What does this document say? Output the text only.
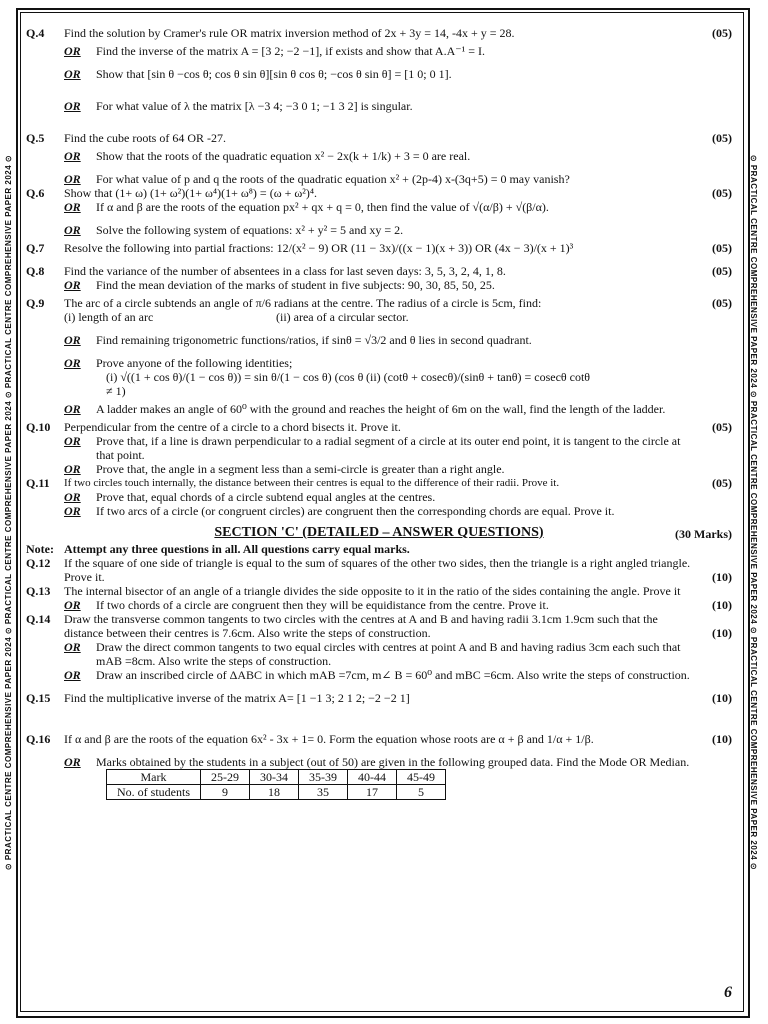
⊙ PRACTICAL CENTRE COMPREHENSIVE PAPER 2024 ⊙ PRACTICAL CENTRE COMPREHENSIVE PAPER 2024 ⊙ PRACTICAL CENTRE COMPREHENSIVE PAPER 2024 ⊙	⊙ PRACTICAL CENTRE COMPREHENSIVE PAPER 2024 ⊙ PRACTICAL CENTRE COMPREHENSIVE PAPER 2024 ⊙ PRACTICAL CENTRE COMPREHENSIVE PAPER 2024 ⊙
Q.4	Find the solution by Cramer's rule OR matrix inversion method of 2x + 3y = 14, -4x + y = 28.	(05)
OR	Find the inverse of the matrix A = [3 2; −2 −1], if exists and show that A.A⁻¹ = I.
OR	Show that [sin θ −cos θ; cos θ sin θ][sin θ cos θ; −cos θ sin θ] = [1 0; 0 1].
OR	For what value of λ the matrix [λ −3 4; −3 0 1; −1 3 2] is singular.
Q.5	Find the cube roots of 64 OR -27.	(05)
OR	Show that the roots of the quadratic equation x² − 2x(k + 1/k) + 3 = 0 are real.
OR	For what value of p and q the roots of the quadratic equation x² + (2p-4) x-(3q+5) = 0 may vanish?
Q.6	Show that (1+ ω) (1+ ω²)(1+ ω⁴)(1+ ω⁸) = (ω + ω²)⁴.	(05)
OR	If α and β are the roots of the equation px² + qx + q = 0, then find the value of √(α/β) + √(β/α).
OR	Solve the following system of equations: x² + y² = 5 and xy = 2.
Q.7	Resolve the following into partial fractions: 12/(x² − 9) OR (11 − 3x)/((x − 1)(x + 3)) OR (4x − 3)/(x + 1)³	(05)
Q.8	Find the variance of the number of absentees in a class for last seven days: 3, 5, 3, 2, 4, 1, 8.	(05)
OR	Find the mean deviation of the marks of student in five subjects: 90, 30, 85, 50, 25.
Q.9	The arc of a circle subtends an angle of π/6 radians at the centre. The radius of a circle is 5cm, find:	(05)
(i) length of an arc	(ii) area of a circular sector.
OR	Find remaining trigonometric functions/ratios, if sinθ = √3/2 and θ lies in second quadrant.
OR	Prove anyone of the following identities;
(i) √((1 + cos θ)/(1 − cos θ)) = sin θ/(1 − cos θ) (cos θ ≠ 1)
(ii) (cotθ + cosecθ)/(sinθ + tanθ) = cosecθ cotθ
OR	A ladder makes an angle of 60⁰ with the ground and reaches the height of 6m on the wall, find the length of the ladder.
Q.10	Perpendicular from the centre of a circle to a chord bisects it. Prove it.	(05)
OR	Prove that, if a line is drawn perpendicular to a radial segment of a circle at its outer end point, it is tangent to the circle at that point.
OR	Prove that, the angle in a segment less than a semi-circle is greater than a right angle.
Q.11	If two circles touch internally, the distance between their centres is equal to the difference of their radii. Prove it.	(05)
OR	Prove that, equal chords of a circle subtend equal angles at the centres.
OR	If two arcs of a circle (or congruent circles) are congruent then the corresponding chords are equal. Prove it.
SECTION 'C' (DETAILED – ANSWER QUESTIONS)	(30 Marks)
Note: Attempt any three questions in all. All questions carry equal marks.
Q.12	If the square of one side of triangle is equal to the sum of squares of the other two sides, then the triangle is a right angled triangle. Prove it.	(10)
Q.13	The internal bisector of an angle of a triangle divides the side opposite to it in the ratio of the sides containing the angle. Prove it
(10)
OR	If two chords of a circle are congruent then they will be equidistance from the centre. Prove it.
Q.14	Draw the transverse common tangents to two circles with the centres at A and B and having radii 3.1cm 1.9cm such that the distance between their centres is 7.6cm. Also write the steps of construction.	(10)
OR	Draw the direct common tangents to two equal circles with centres at point A and B and having radius 3cm each such that mAB =8cm. Also write the steps of construction.
OR	Draw an inscribed circle of ΔABC in which mAB =7cm, m∠ B = 60⁰ and mBC =6cm. Also write the steps of construction.
Q.15	Find the multiplicative inverse of the matrix A= [1 −1 3; 2 1 2; −2 −2 1]	(10)
Q.16	If α and β are the roots of the equation 6x² - 3x + 1= 0. Form the equation whose roots are α + β and 1/α + 1/β.	(10)
OR	Marks obtained by the students in a subject (out of 50) are given in the following grouped data. Find the Mode OR Median.
Mark	25-29	30-34	35-39	40-44	45-49
No. of students	9	18	35	17	5
6
